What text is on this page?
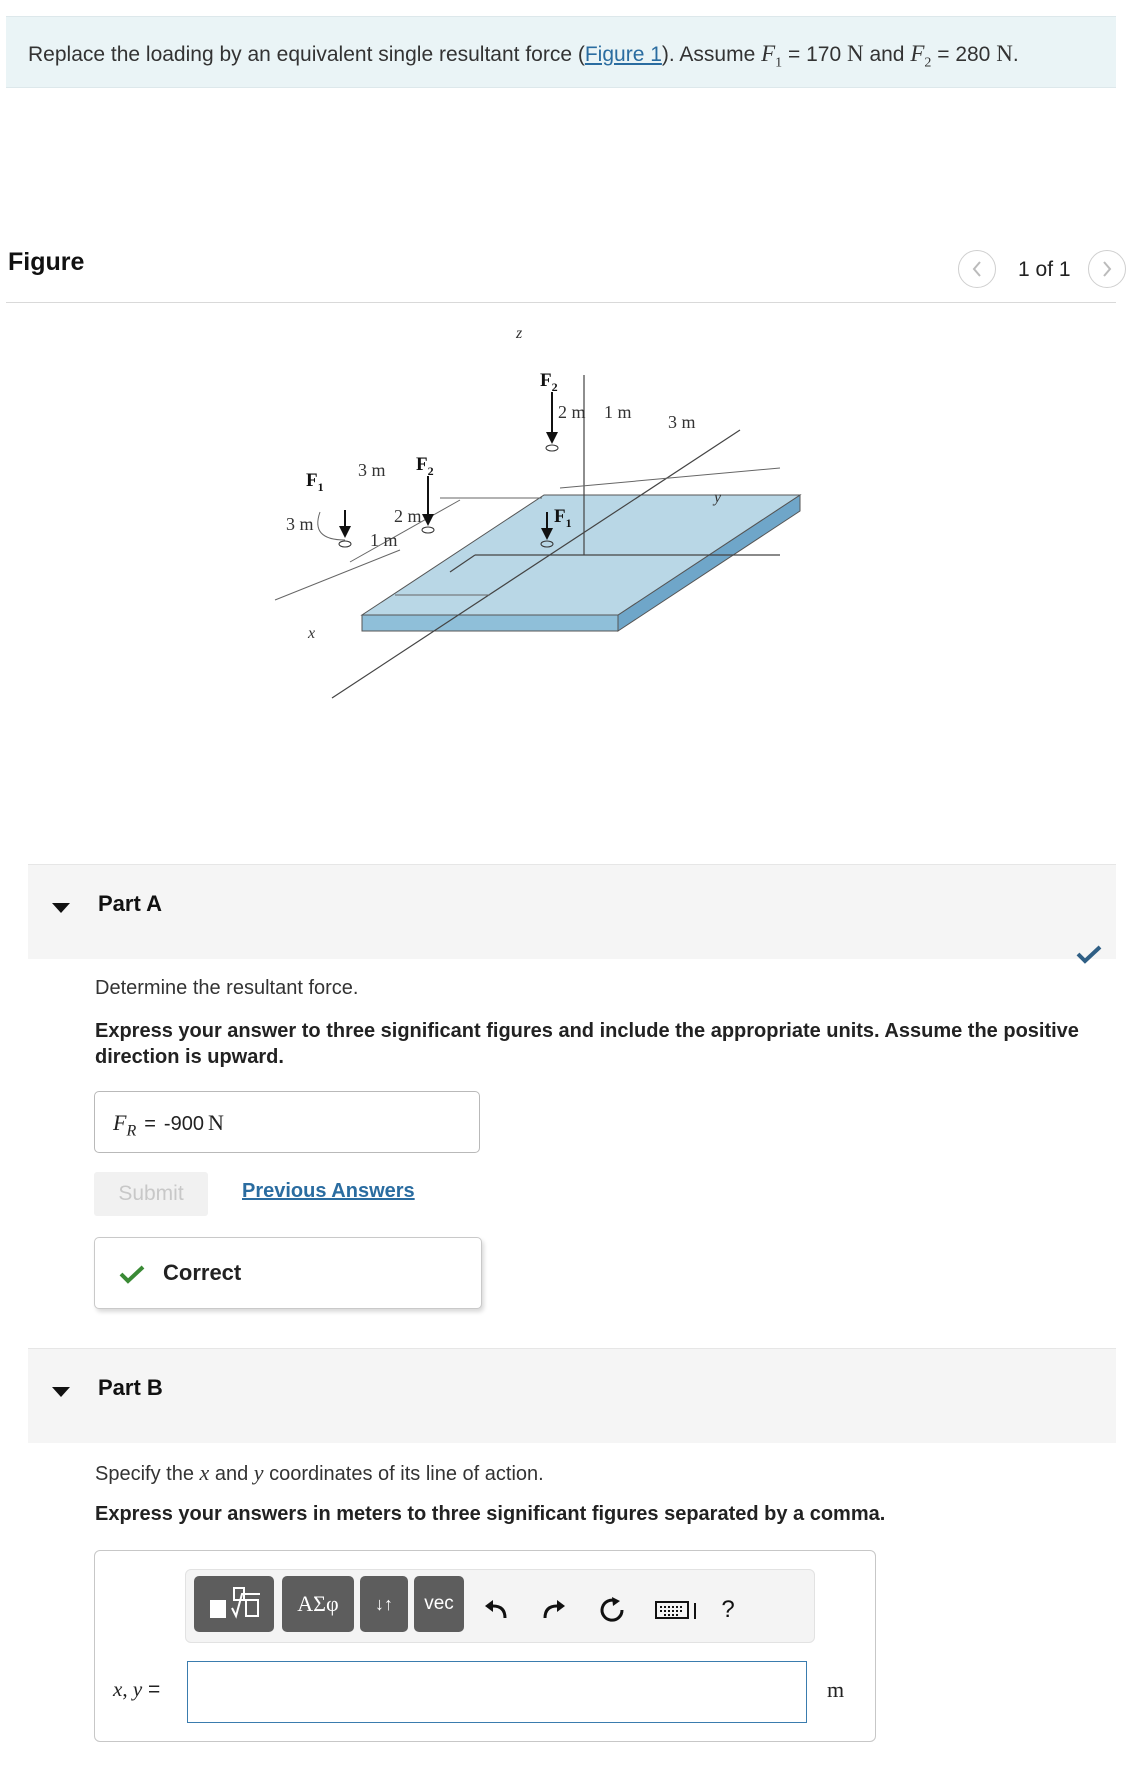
Replace the loading by an equivalent single resultant force (Figure 1). Assume $F_1 = 170$ N and $F_2 = 280$ N.
Figure	1 of 1
z
x
y
$F_2$
$F_1$
$F_2$
$F_1$
2 m 1 m 3 m
3 m
3 m	2 m
1 m
Part A
Determine the resultant force.
Express your answer to three significant figures and include the appropriate units. Assume the positive direction is upward.
$F_R = -900$ N
Submit	Previous Answers
Correct
Part B
Specify the x and y coordinates of its line of action.
Express your answers in meters to three significant figures separated by a comma.
ΑΣφ	↓↑	vec	?
x, y =	m
